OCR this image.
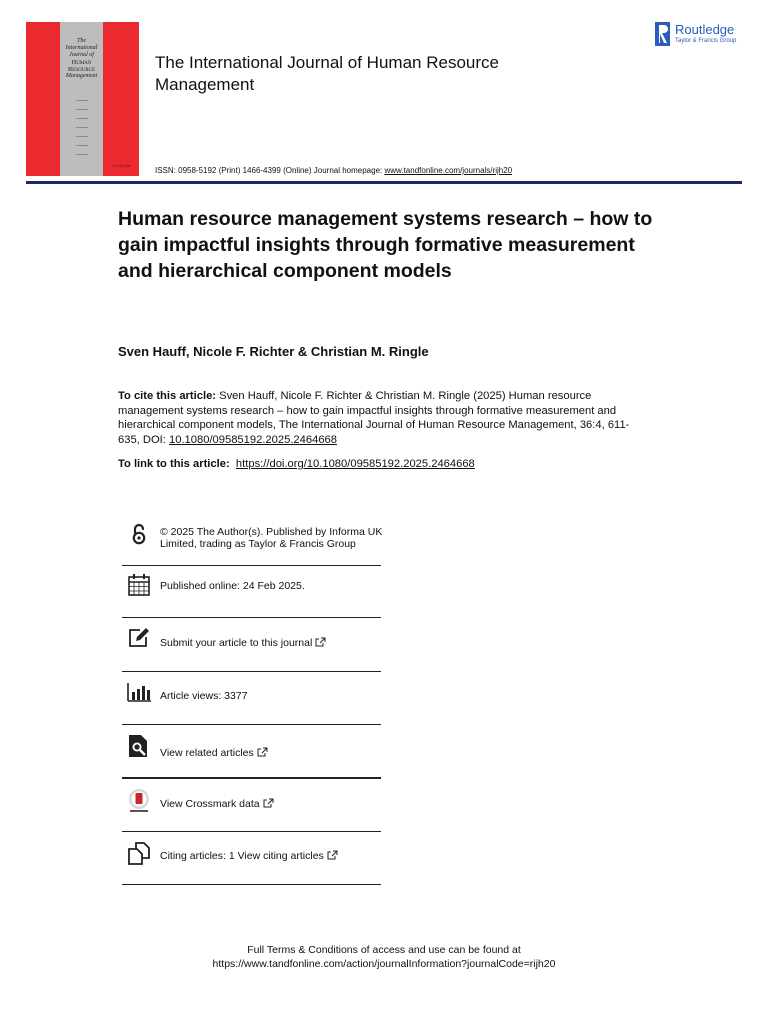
The
International
Journal of
Human
Resource
Management
Routledge
The International Journal of Human Resource Management
Routledge
Taylor & Francis Group
ISSN: 0958-5192 (Print) 1466-4399 (Online) Journal homepage: www.tandfonline.com/journals/rijh20
Human resource management systems research – how to gain impactful insights through formative measurement and hierarchical component models
Sven Hauff, Nicole F. Richter & Christian M. Ringle
To cite this article: Sven Hauff, Nicole F. Richter & Christian M. Ringle (2025) Human resource management systems research – how to gain impactful insights through formative measurement and hierarchical component models, The International Journal of Human Resource Management, 36:4, 611-635, DOI: 10.1080/09585192.2025.2464668
To link to this article: https://doi.org/10.1080/09585192.2025.2464668
© 2025 The Author(s). Published by Informa UK Limited, trading as Taylor & Francis Group
Published online: 24 Feb 2025.
Submit your article to this journal
Article views: 3377
View related articles
View Crossmark data
Citing articles: 1 View citing articles
Full Terms & Conditions of access and use can be found at
https://www.tandfonline.com/action/journalInformation?journalCode=rijh20
